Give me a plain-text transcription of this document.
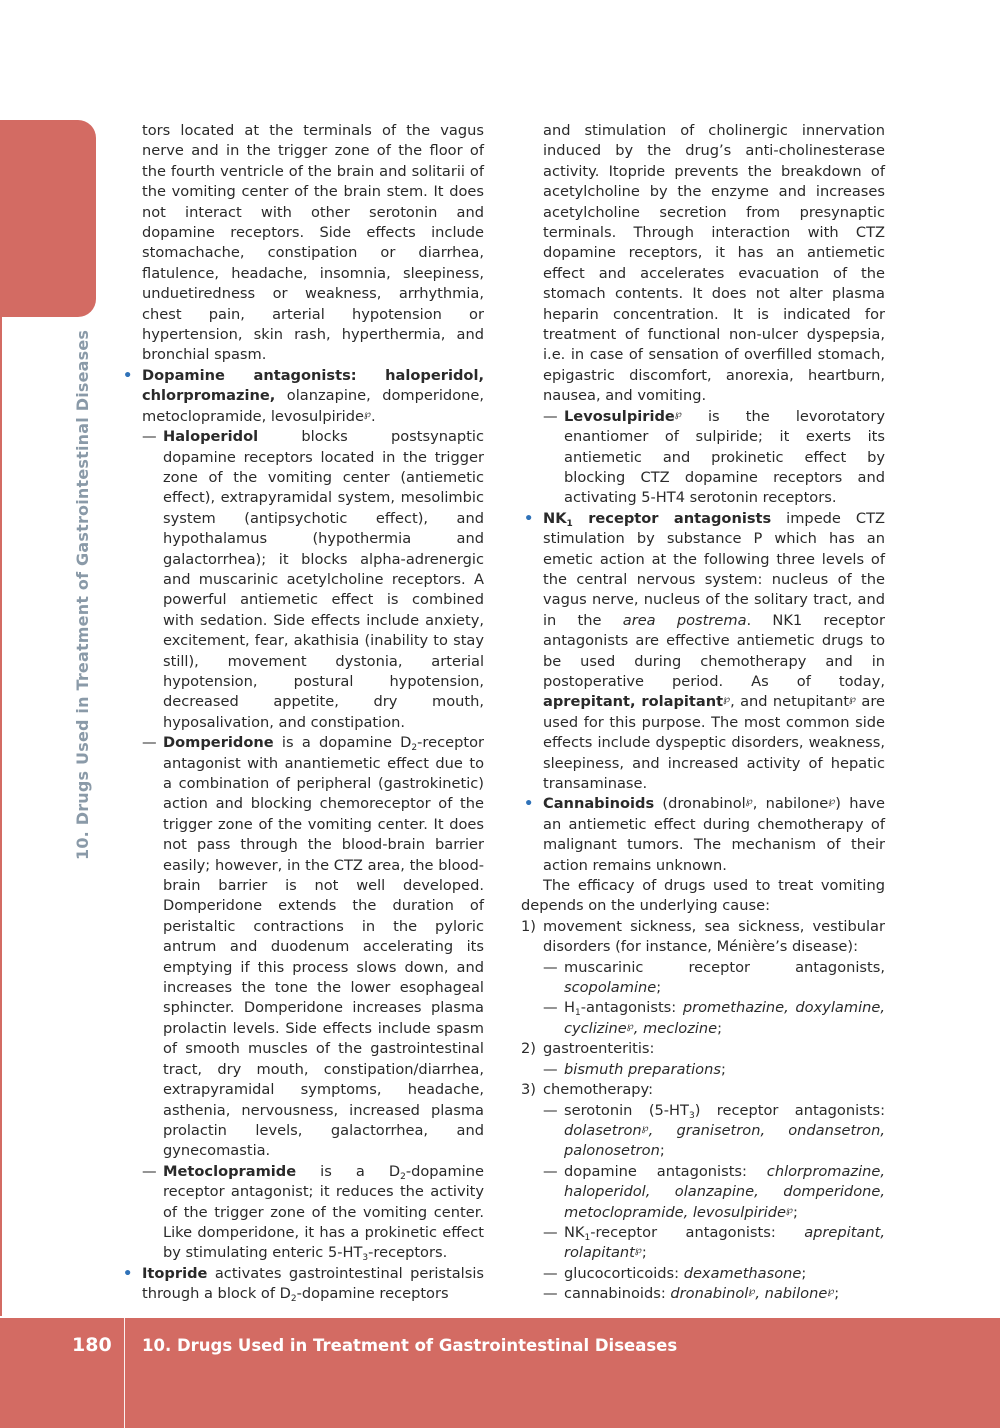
10. Drugs Used in Treatment of Gastrointestinal Diseases
tors located at the terminals of the vagus nerve and in the trigger zone of the floor of the fourth ventricle of the brain and solitarii of the vomiting center of the brain stem. It does not interact with other serotonin and dopamine receptors. Side effects include stomachache, constipation or diarrhea, flatulence, headache, insomnia, sleepiness, unduetiredness or weakness, arrhythmia, chest pain, arterial hypotension or hypertension, skin rash, hyperthermia, and bronchial spasm.
• Dopamine antagonists: haloperidol, chlorpromazine, olanzapine, domperidone, metoclopramide, levosulpiride℘.
— Haloperidol blocks postsynaptic dopamine receptors located in the trigger zone of the vomiting center (antiemetic effect), extrapyramidal system, mesolimbic system (antipsychotic effect), and hypothalamus (hypothermia and galactorrhea); it blocks alpha-adrenergic and muscarinic acetylcholine receptors. A powerful antiemetic effect is combined with sedation. Side effects include anxiety, excitement, fear, akathisia (inability to stay still), movement dystonia, arterial hypotension, postural hypotension, decreased appetite, dry mouth, hyposalivation, and constipation.
— Domperidone is a dopamine $D_2$-receptor antagonist with anantiemetic effect due to a combination of peripheral (gastrokinetic) action and blocking chemoreceptor of the trigger zone of the vomiting center. It does not pass through the blood-brain barrier easily; however, in the CTZ area, the blood-brain barrier is not well developed. Domperidone extends the duration of peristaltic contractions in the pyloric antrum and duodenum accelerating its emptying if this process slows down, and increases the tone the lower esophageal sphincter. Domperidone increases plasma prolactin levels. Side effects include spasm of smooth muscles of the gastrointestinal tract, dry mouth, constipation/diarrhea, extrapyramidal symptoms, headache, asthenia, nervousness, increased plasma prolactin levels, galactorrhea, and gynecomastia.
— Metoclopramide is a $D_2$-dopamine receptor antagonist; it reduces the activity of the trigger zone of the vomiting center. Like domperidone, it has a prokinetic effect by stimulating enteric $5-HT_3$-receptors.
• Itopride activates gastrointestinal peristalsis through a block of $D_2$-dopamine receptors
and stimulation of cholinergic innervation induced by the drug’s anti-cholinesterase activity. Itopride prevents the breakdown of acetylcholine by the enzyme and increases acetylcholine secretion from presynaptic terminals. Through interaction with CTZ dopamine receptors, it has an antiemetic effect and accelerates evacuation of the stomach contents. It does not alter plasma heparin concentration. It is indicated for treatment of functional non-ulcer dyspepsia, i.e. in case of sensation of overfilled stomach, epigastric discomfort, anorexia, heartburn, nausea, and vomiting.
— Levosulpiride℘ is the levorotatory enantiomer of sulpiride; it exerts its antiemetic and prokinetic effect by blocking CTZ dopamine receptors and activating 5-HT4 serotonin receptors.
• $NK_1$ receptor antagonists impede CTZ stimulation by substance P which has an emetic action at the following three levels of the central nervous system: nucleus of the vagus nerve, nucleus of the solitary tract, and in the area postrema. NK1 receptor antagonists are effective antiemetic drugs to be used during chemotherapy and in postoperative period. As of today, aprepitant, rolapitant℘, and netupitant℘ are used for this purpose. The most common side effects include dyspeptic disorders, weakness, sleepiness, and increased activity of hepatic transaminase.
• Cannabinoids (dronabinol℘, nabilone℘) have an antiemetic effect during chemotherapy of malignant tumors. The mechanism of their action remains unknown.
The efficacy of drugs used to treat vomiting depends on the underlying cause:
1) movement sickness, sea sickness, vestibular disorders (for instance, Ménière’s disease):
— muscarinic receptor antagonists, scopolamine;
— $H_1$-antagonists: promethazine, doxylamine, cyclizine℘, meclozine;
2) gastroenteritis:
— bismuth preparations;
3) chemotherapy:
— serotonin $(5-HT_3)$ receptor antagonists: dolasetron℘, granisetron, ondansetron, palonosetron;
— dopamine antagonists: chlorpromazine, haloperidol, olanzapine, domperidone, metoclopramide, levosulpiride℘;
— $NK_1$-receptor antagonists: aprepitant, rolapitant℘;
— glucocorticoids: dexamethasone;
— cannabinoids: dronabinol℘, nabilone℘;
180 10. Drugs Used in Treatment of Gastrointestinal Diseases
